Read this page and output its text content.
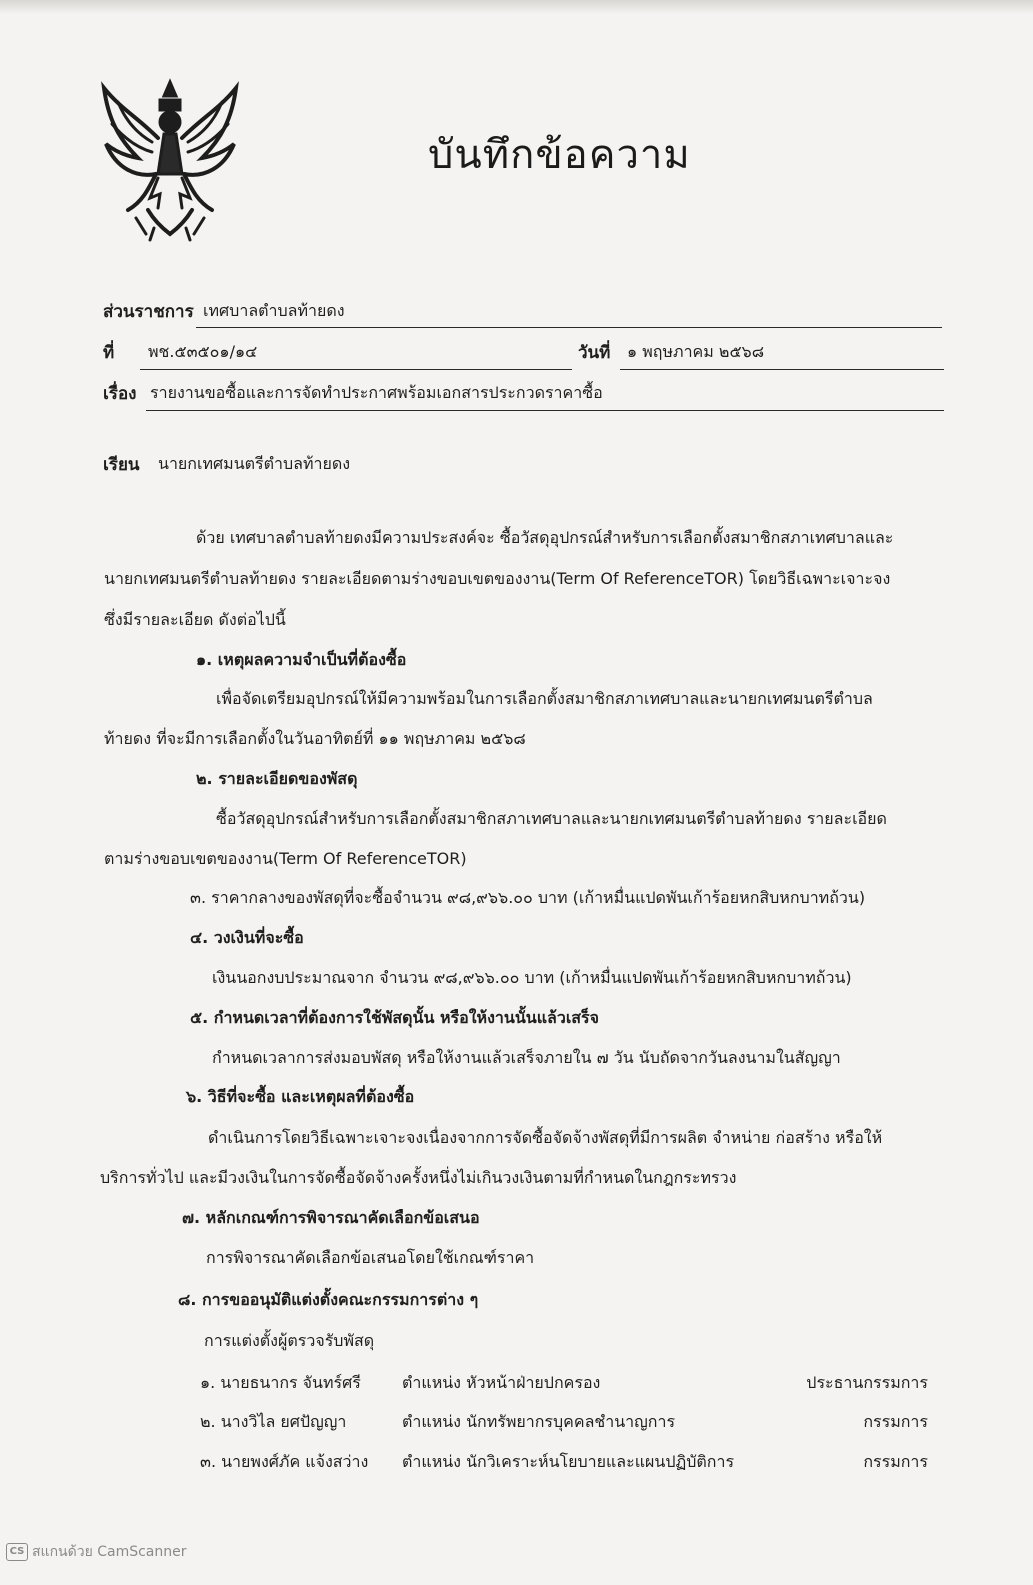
บันทึกข้อความ
ส่วนราชการ เทศบาลตำบลท้ายดง
ที่ พช.๕๓๕๐๑/๑๔	วันที่ ๑ พฤษภาคม ๒๕๖๘
เรื่อง รายงานขอซื้อและการจัดทำประกาศพร้อมเอกสารประกวดราคาซื้อ
เรียน นายกเทศมนตรีตำบลท้ายดง
ด้วย เทศบาลตำบลท้ายดงมีความประสงค์จะ ซื้อวัสดุอุปกรณ์สำหรับการเลือกตั้งสมาชิกสภาเทศบาลและ
นายกเทศมนตรีตำบลท้ายดง รายละเอียดตามร่างขอบเขตของงาน(Term Of ReferenceTOR) โดยวิธีเฉพาะเจาะจง
ซึ่งมีรายละเอียด ดังต่อไปนี้
๑. เหตุผลความจำเป็นที่ต้องซื้อ
เพื่อจัดเตรียมอุปกรณ์ให้มีความพร้อมในการเลือกตั้งสมาชิกสภาเทศบาลและนายกเทศมนตรีตำบล
ท้ายดง ที่จะมีการเลือกตั้งในวันอาทิตย์ที่ ๑๑ พฤษภาคม ๒๕๖๘
๒. รายละเอียดของพัสดุ
ซื้อวัสดุอุปกรณ์สำหรับการเลือกตั้งสมาชิกสภาเทศบาลและนายกเทศมนตรีตำบลท้ายดง รายละเอียด
ตามร่างขอบเขตของงาน(Term Of ReferenceTOR)
๓. ราคากลางของพัสดุที่จะซื้อจำนวน ๙๘,๙๖๖.๐๐ บาท (เก้าหมื่นแปดพันเก้าร้อยหกสิบหกบาทถ้วน)
๔. วงเงินที่จะซื้อ
เงินนอกงบประมาณจาก จำนวน ๙๘,๙๖๖.๐๐ บาท (เก้าหมื่นแปดพันเก้าร้อยหกสิบหกบาทถ้วน)
๕. กำหนดเวลาที่ต้องการใช้พัสดุนั้น หรือให้งานนั้นแล้วเสร็จ
กำหนดเวลาการส่งมอบพัสดุ หรือให้งานแล้วเสร็จภายใน ๗ วัน นับถัดจากวันลงนามในสัญญา
๖. วิธีที่จะซื้อ และเหตุผลที่ต้องซื้อ
ดำเนินการโดยวิธีเฉพาะเจาะจงเนื่องจากการจัดซื้อจัดจ้างพัสดุที่มีการผลิต จำหน่าย ก่อสร้าง หรือให้
บริการทั่วไป และมีวงเงินในการจัดซื้อจัดจ้างครั้งหนึ่งไม่เกินวงเงินตามที่กำหนดในกฎกระทรวง
๗. หลักเกณฑ์การพิจารณาคัดเลือกข้อเสนอ
การพิจารณาคัดเลือกข้อเสนอโดยใช้เกณฑ์ราคา
๘. การขออนุมัติแต่งตั้งคณะกรรมการต่าง ๆ
การแต่งตั้งผู้ตรวจรับพัสดุ
๑. นายธนากร จันทร์ศรี	ตำแหน่ง หัวหน้าฝ่ายปกครอง	ประธานกรรมการ
๒. นางวิไล ยศปัญญา	ตำแหน่ง นักทรัพยากรบุคคลชำนาญการ	กรรมการ
๓. นายพงศ์ภัค แจ้งสว่าง ตำแหน่ง นักวิเคราะห์นโยบายและแผนปฏิบัติการ	กรรมการ
CS สแกนด้วย CamScanner
